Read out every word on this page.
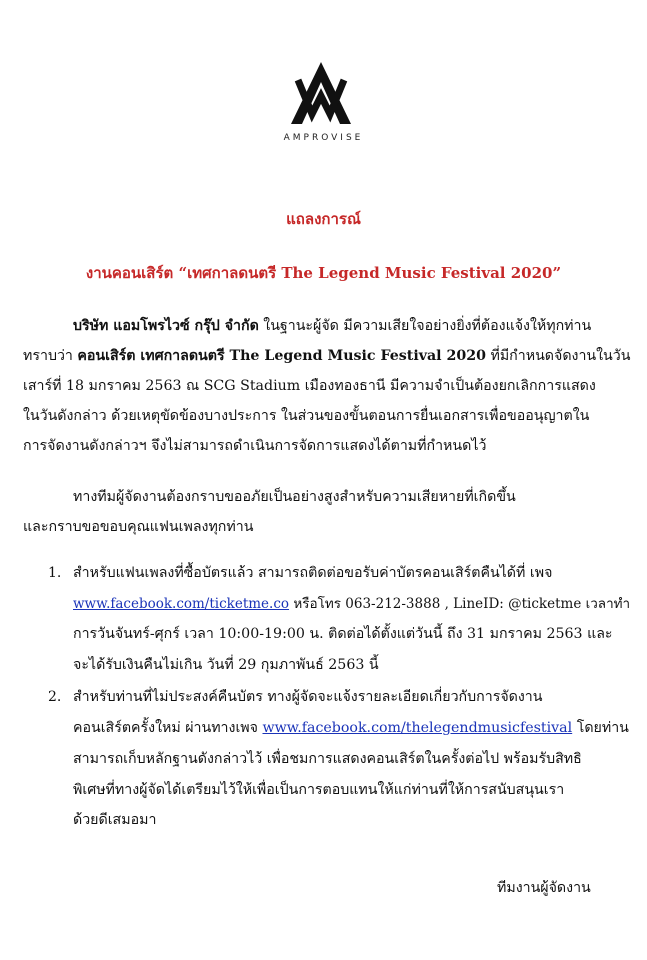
AMPROVISE
แถลงการณ์
งานคอนเสิร์ต “เทศกาลดนตรี The Legend Music Festival 2020”
บริษัท แอมโพรไวซ์ กรุ๊ป จำกัด ในฐานะผู้จัด มีความเสียใจอย่างยิ่งที่ต้องแจ้งให้ทุกท่าน
ทราบว่า คอนเสิร์ต เทศกาลดนตรี The Legend Music Festival 2020 ที่มีกำหนดจัดงานในวัน
เสาร์ที่ 18 มกราคม 2563 ณ SCG Stadium เมืองทองธานี มีความจำเป็นต้องยกเลิกการแสดง
ในวันดังกล่าว ด้วยเหตุขัดข้องบางประการ ในส่วนของขั้นตอนการยื่นเอกสารเพื่อขออนุญาตใน
การจัดงานดังกล่าวฯ จึงไม่สามารถดำเนินการจัดการแสดงได้ตามที่กำหนดไว้
ทางทีมผู้จัดงานต้องกราบขออภัยเป็นอย่างสูงสำหรับความเสียหายที่เกิดขึ้น
และกราบขอขอบคุณแฟนเพลงทุกท่าน
1. สำหรับแฟนเพลงที่ซื้อบัตรแล้ว สามารถติดต่อขอรับค่าบัตรคอนเสิร์ตคืนได้ที่ เพจ
www.facebook.com/ticketme.co หรือโทร 063-212-3888 , LineID: @ticketme เวลาทำ
การวันจันทร์-ศุกร์ เวลา 10:00-19:00 น. ติดต่อได้ตั้งแต่วันนี้ ถึง 31 มกราคม 2563 และ
จะได้รับเงินคืนไม่เกิน วันที่ 29 กุมภาพันธ์ 2563 นี้
2. สำหรับท่านที่ไม่ประสงค์คืนบัตร ทางผู้จัดจะแจ้งรายละเอียดเกี่ยวกับการจัดงาน
คอนเสิร์ตครั้งใหม่ ผ่านทางเพจ www.facebook.com/thelegendmusicfestival โดยท่าน
สามารถเก็บหลักฐานดังกล่าวไว้ เพื่อชมการแสดงคอนเสิร์ตในครั้งต่อไป พร้อมรับสิทธิ
พิเศษที่ทางผู้จัดได้เตรียมไว้ให้เพื่อเป็นการตอบแทนให้แก่ท่านที่ให้การสนับสนุนเรา
ด้วยดีเสมอมา
ทีมงานผู้จัดงาน
